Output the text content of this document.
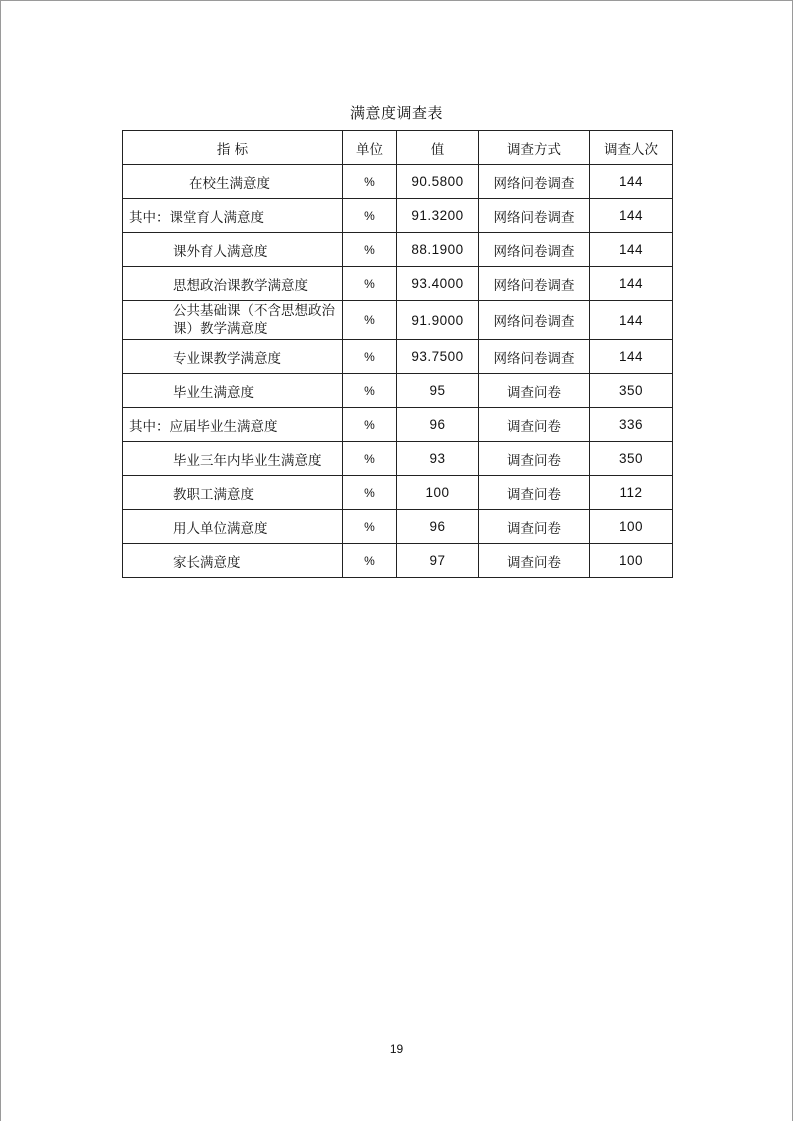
满意度调查表
指 标	单位	值	调查方式	调查人次
在校生满意度	%	90.5800	网络问卷调查	144
其中：课堂育人满意度	%	91.3200	网络问卷调查	144
课外育人满意度	%	88.1900	网络问卷调查	144
思想政治课教学满意度	%	93.4000	网络问卷调查	144
公共基础课（不含思想政治课）教学满意度	%	91.9000	网络问卷调查	144
专业课教学满意度	%	93.7500	网络问卷调查	144
毕业生满意度	%	95	调查问卷	350
其中：应届毕业生满意度	%	96	调查问卷	336
毕业三年内毕业生满意度	%	93	调查问卷	350
教职工满意度	%	100	调查问卷	112
用人单位满意度	%	96	调查问卷	100
家长满意度	%	97	调查问卷	100
19
